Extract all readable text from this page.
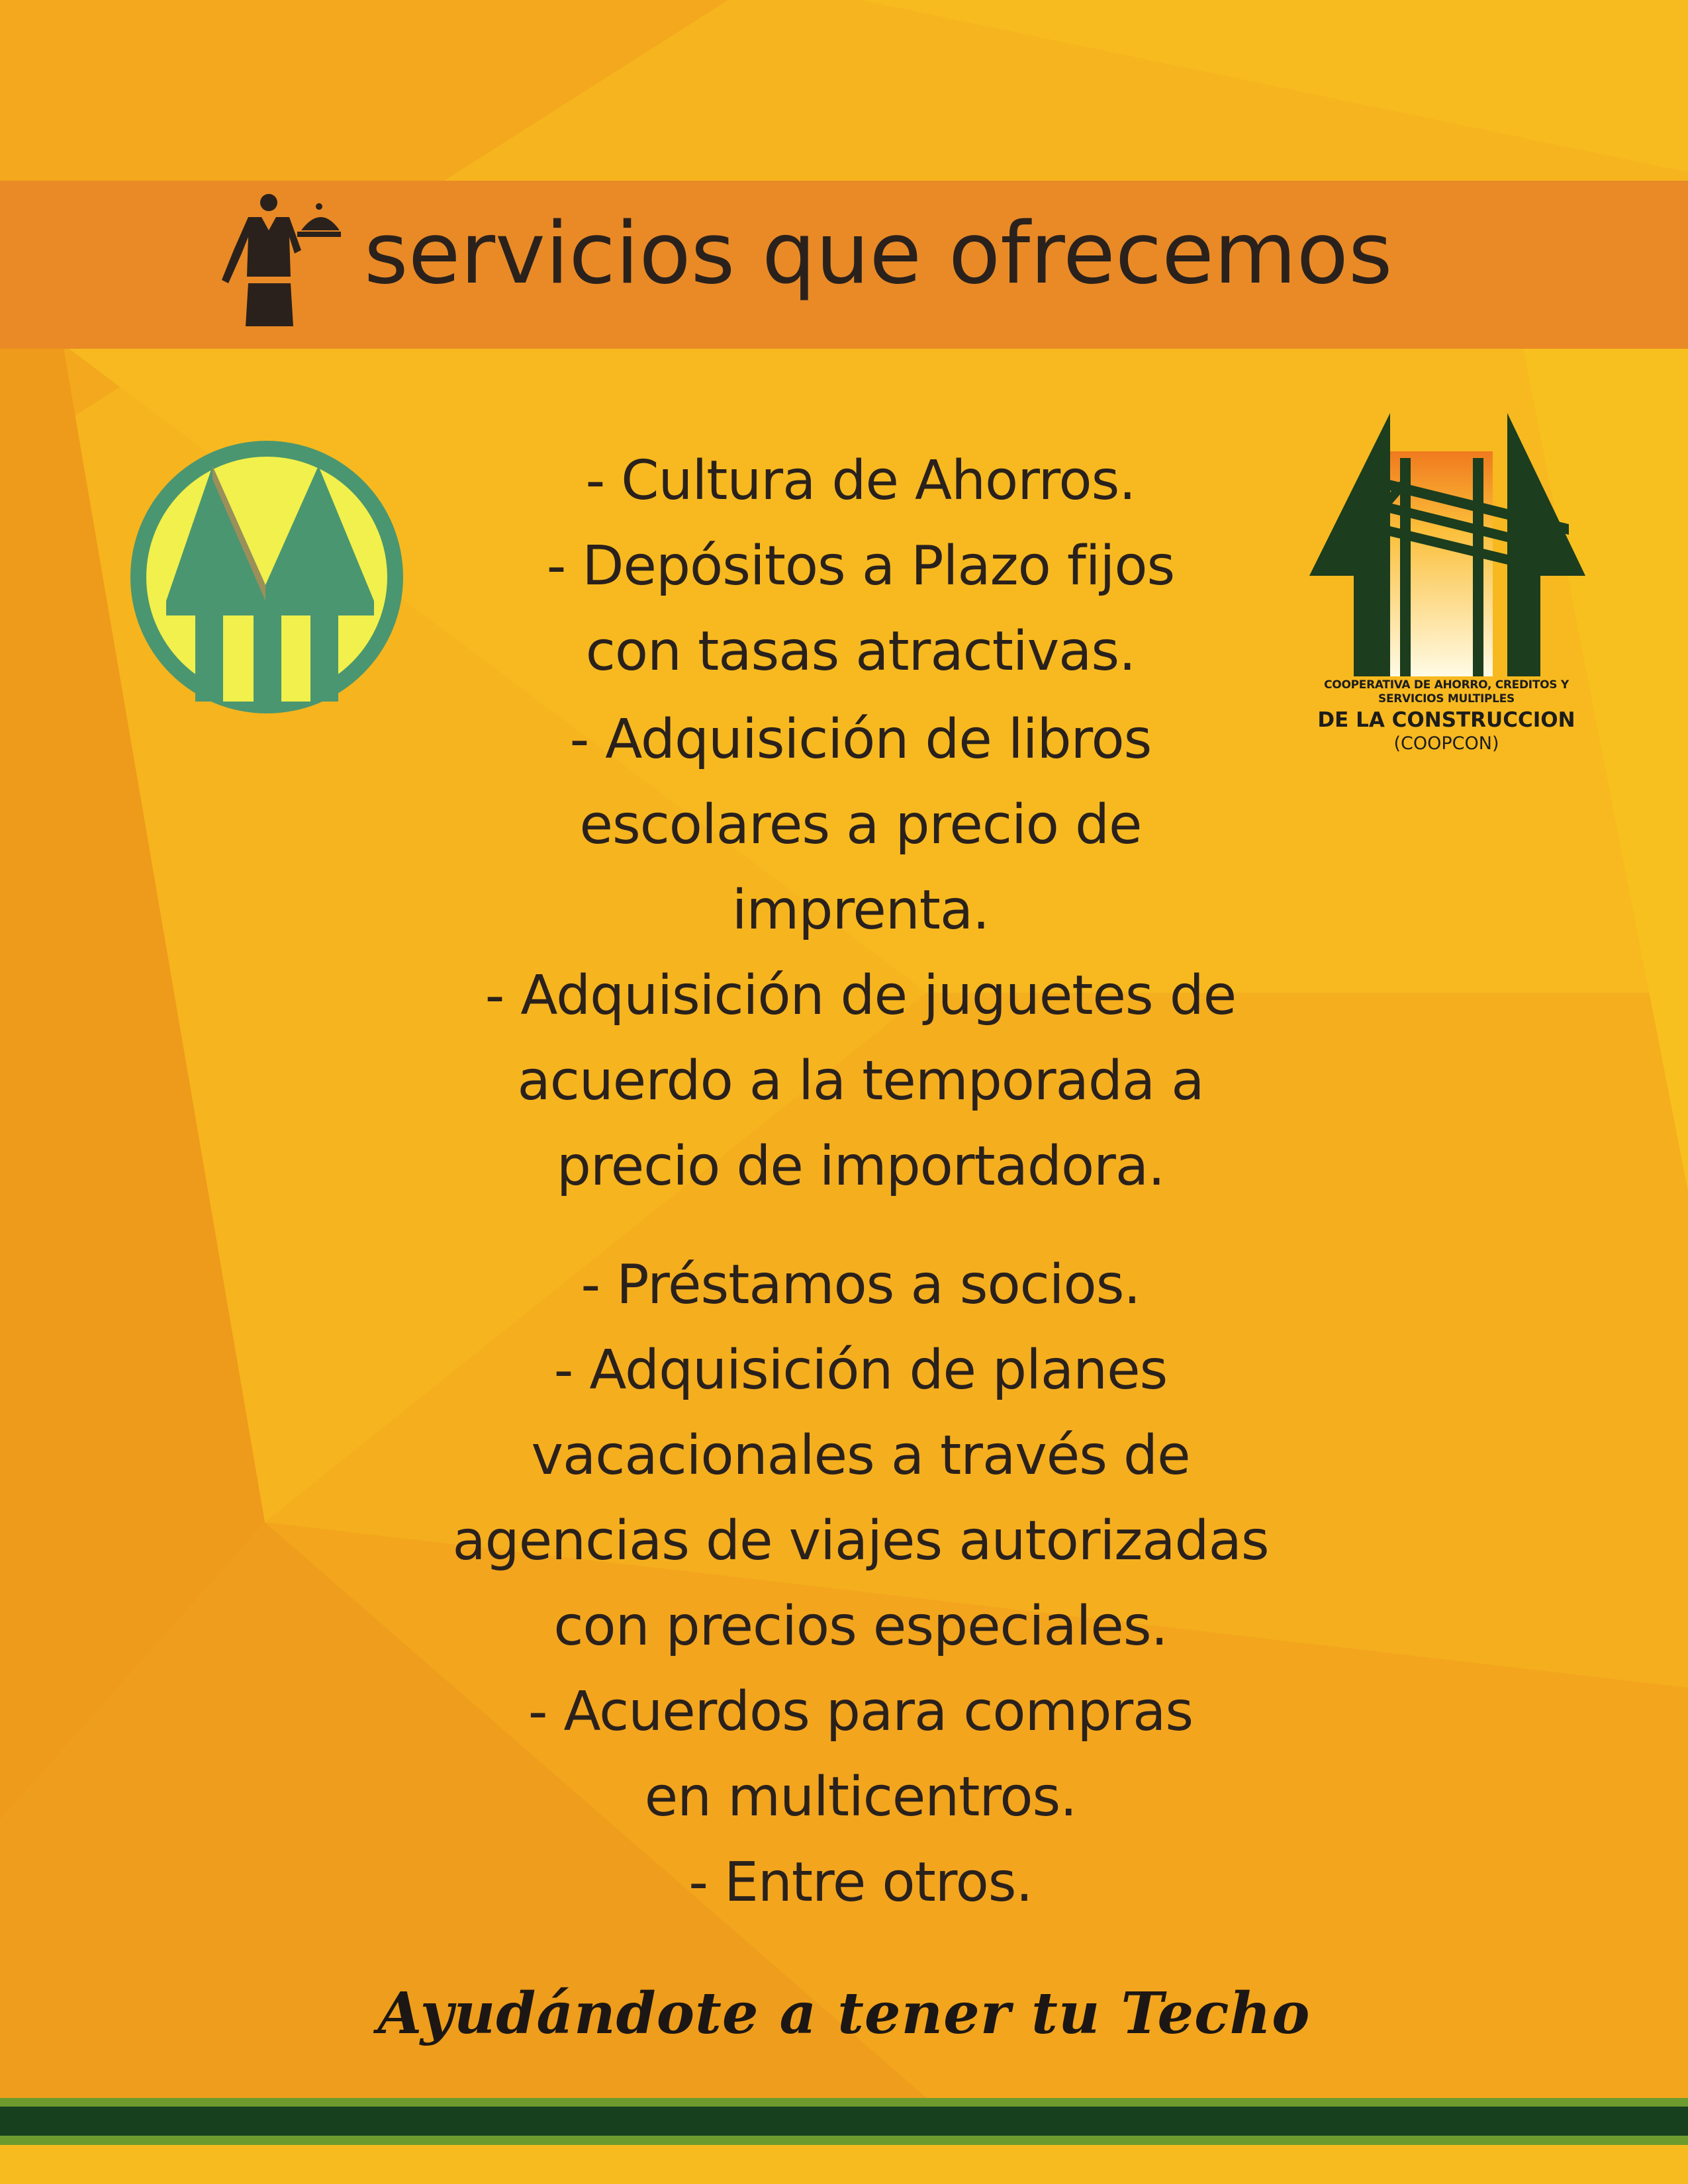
servicios que ofrecemos
COOPERATIVA DE AHORRO, CREDITOS Y
SERVICIOS MULTIPLES
DE LA CONSTRUCCION
(COOPCON)
- Cultura de Ahorros.
- Depósitos a Plazo fijos
con tasas atractivas.
- Adquisición de libros
escolares a precio de
imprenta.
- Adquisición de juguetes de
acuerdo a la temporada a
precio de importadora.
- Préstamos a socios.
- Adquisición de planes
vacacionales a través de
agencias de viajes autorizadas
con precios especiales.
- Acuerdos para compras
en multicentros.
- Entre otros.
Ayudándote a tener tu Techo
